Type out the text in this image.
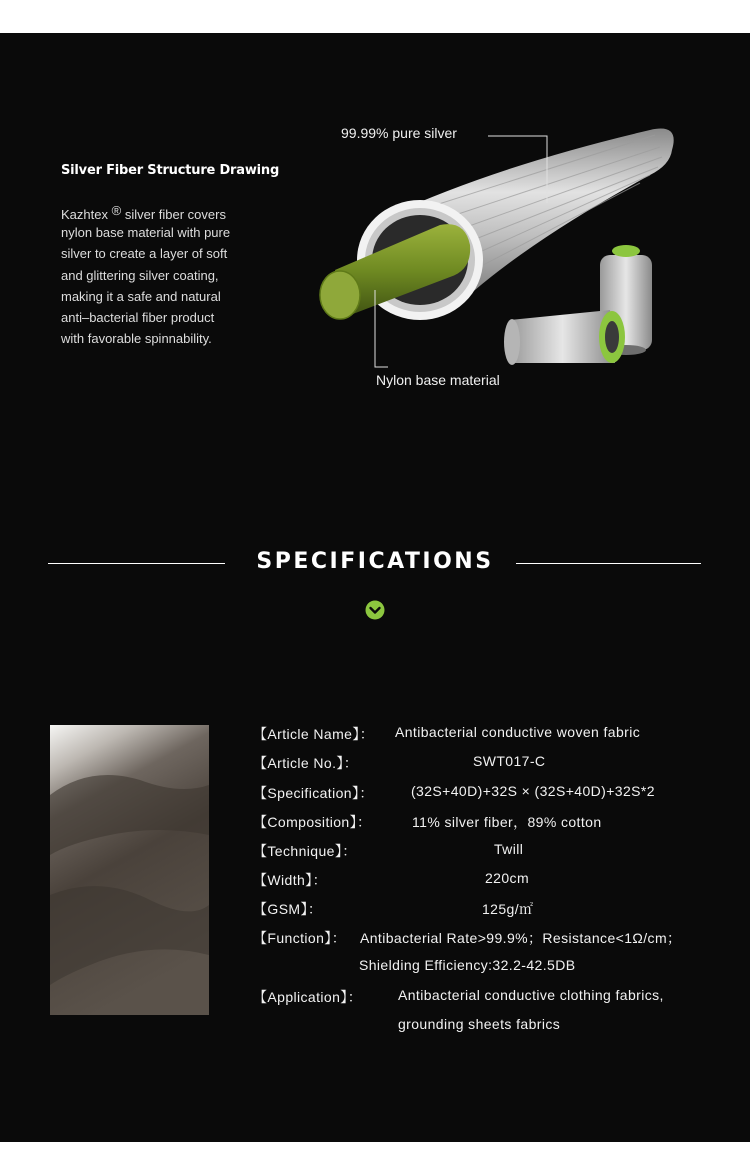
Silver Fiber Structure Drawing
Kazhtex ® silver fiber covers
nylon base material with pure
silver to create a layer of soft
and glittering silver coating,
making it a safe and natural
anti–bacterial fiber product
with favorable spinnability.
99.99% pure silver
Nylon base material
SPECIFICATIONS
【Article Name】： Antibacterial conductive woven fabric
【Article No.】：	SWT017-C
【Specification】：	(32S+40D)+32S × (32S+40D)+32S*2
【Composition】：	11% silver fiber，89% cotton
【Technique】：	Twill
【Width】：	220cm
【GSM】：	125g/㎡
【Function】： Antibacterial Rate>99.9%；Resistance<1Ω/cm；
Shielding Efficiency:32.2-42.5DB
【Application】：	Antibacterial conductive clothing fabrics,
grounding sheets fabrics
